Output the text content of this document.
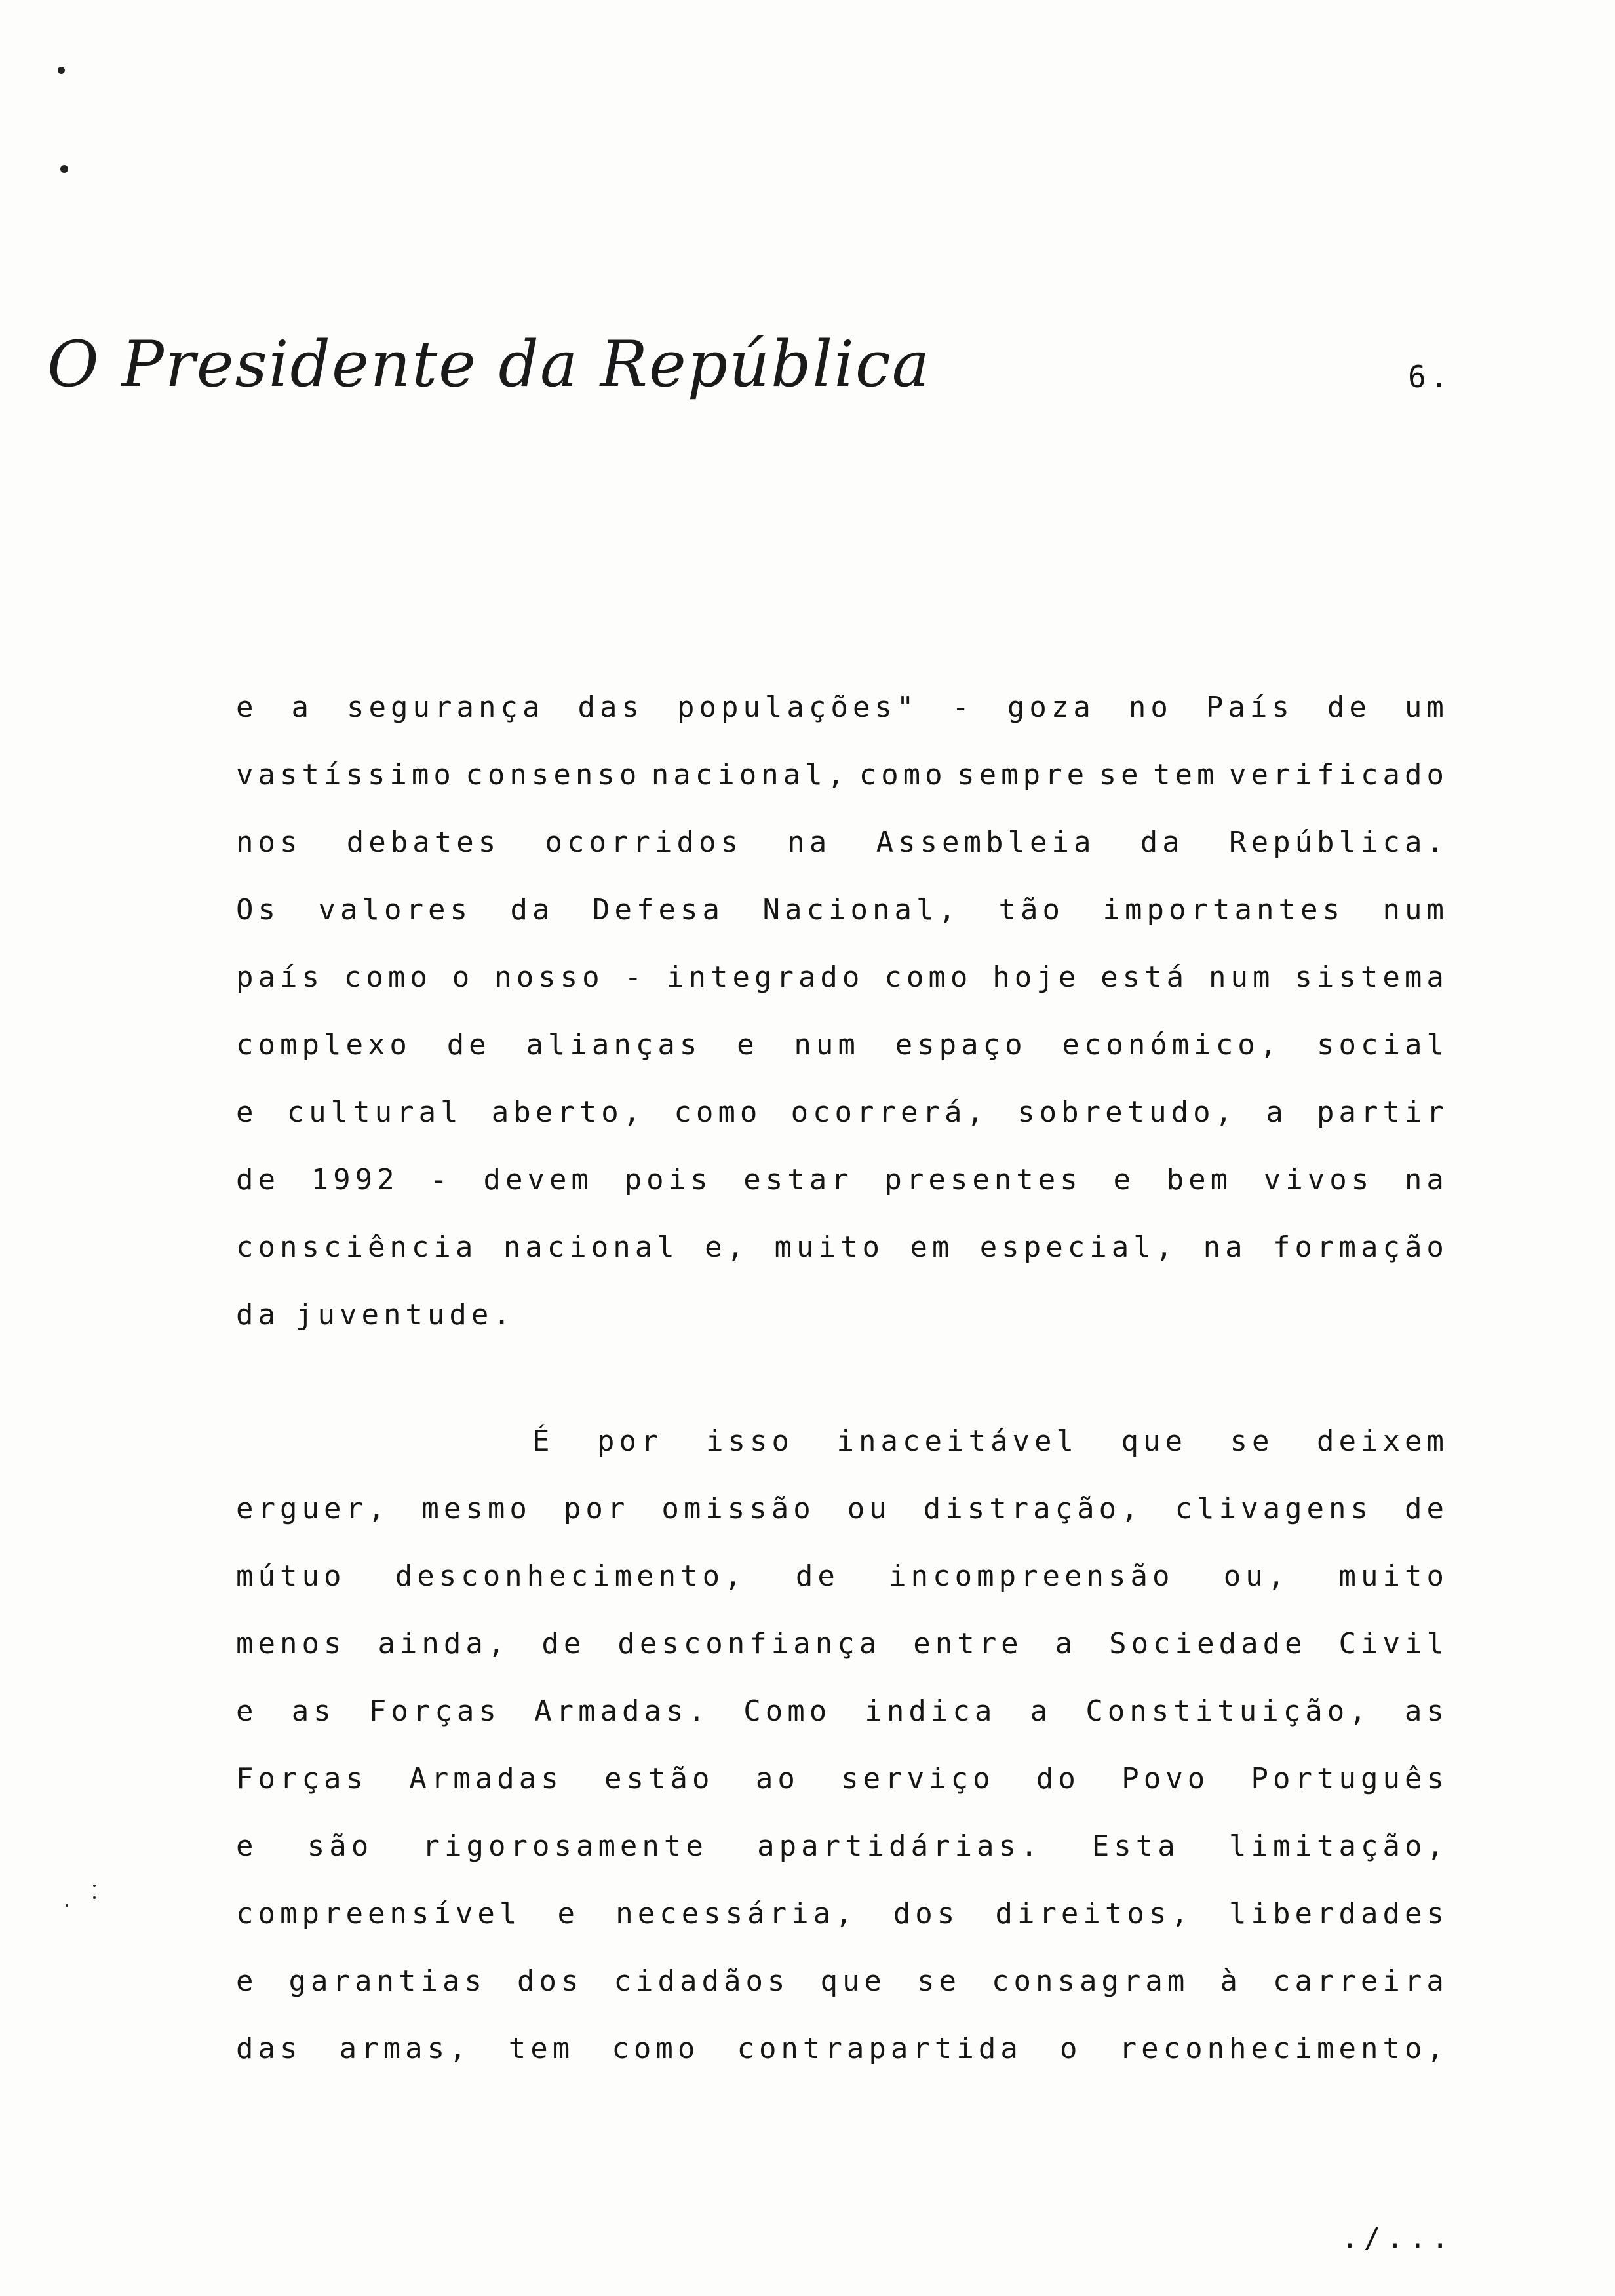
O Presidente da República	6.
e a segurança das populações" - goza no País de um
vastíssimo consenso nacional, como sempre se tem verificado
nos debates ocorridos na Assembleia da República.
Os valores da Defesa Nacional, tão importantes num
país como o nosso - integrado como hoje está num sistema
complexo de alianças e num espaço económico, social
e cultural aberto, como ocorrerá, sobretudo, a partir
de 1992 - devem pois estar presentes e bem vivos na
consciência nacional e, muito em especial, na formação
da juventude.
É por isso inaceitável que se deixem
erguer, mesmo por omissão ou distração, clivagens de
mútuo desconhecimento, de incompreensão ou, muito
menos ainda, de desconfiança entre a Sociedade Civil
e as Forças Armadas. Como indica a Constituição, as
Forças Armadas estão ao serviço do Povo Português
e são rigorosamente apartidárias. Esta limitação,
compreensível e necessária, dos direitos, liberdades
e garantias dos cidadãos que se consagram à carreira
das armas, tem como contrapartida o reconhecimento,
./...
